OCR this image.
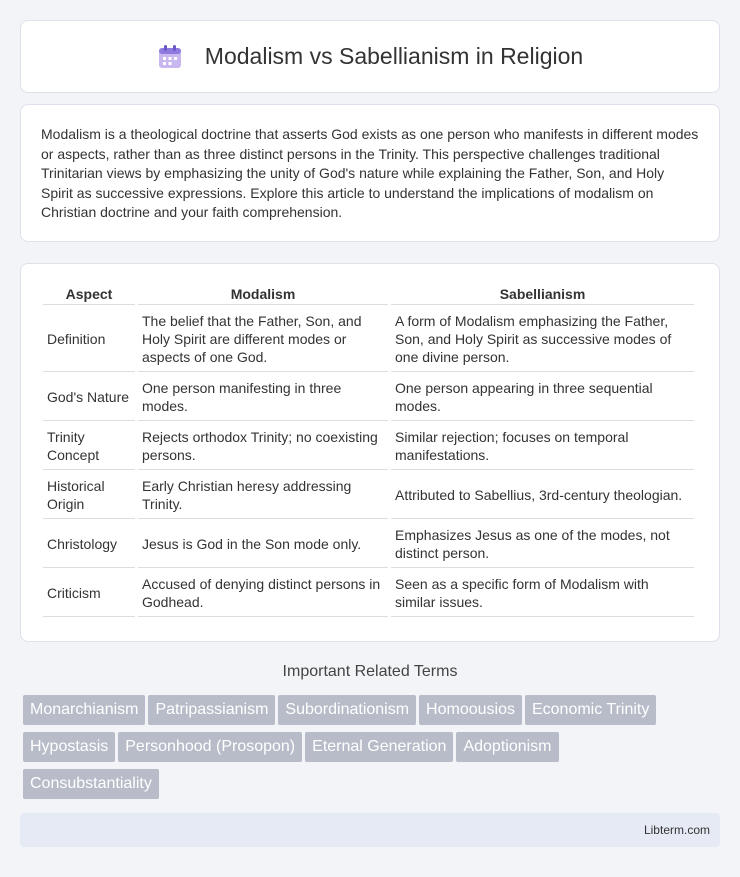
Modalism vs Sabellianism in Religion

Modalism is a theological doctrine that asserts God exists as one person who manifests in different modes or aspects, rather than as three distinct persons in the Trinity. This perspective challenges traditional Trinitarian views by emphasizing the unity of God's nature while explaining the Father, Son, and Holy Spirit as successive expressions. Explore this article to understand the implications of modalism on Christian doctrine and your faith comprehension.

Aspect	Modalism	Sabellianism
Definition	The belief that the Father, Son, and Holy Spirit are different modes or aspects of one God.	A form of Modalism emphasizing the Father, Son, and Holy Spirit as successive modes of one divine person.
God's Nature	One person manifesting in three modes.	One person appearing in three sequential modes.
Trinity Concept	Rejects orthodox Trinity; no coexisting persons.	Similar rejection; focuses on temporal manifestations.
Historical Origin	Early Christian heresy addressing Trinity.	Attributed to Sabellius, 3rd-century theologian.
Christology	Jesus is God in the Son mode only.	Emphasizes Jesus as one of the modes, not distinct person.
Criticism	Accused of denying distinct persons in Godhead.	Seen as a specific form of Modalism with similar issues.
Important Related Terms
Monarchianism Patripassianism Subordinationism Homoousios Economic Trinity
Hypostasis Personhood (Prosopon) Eternal Generation Adoptionism
Consubstantiality
Libterm.com
